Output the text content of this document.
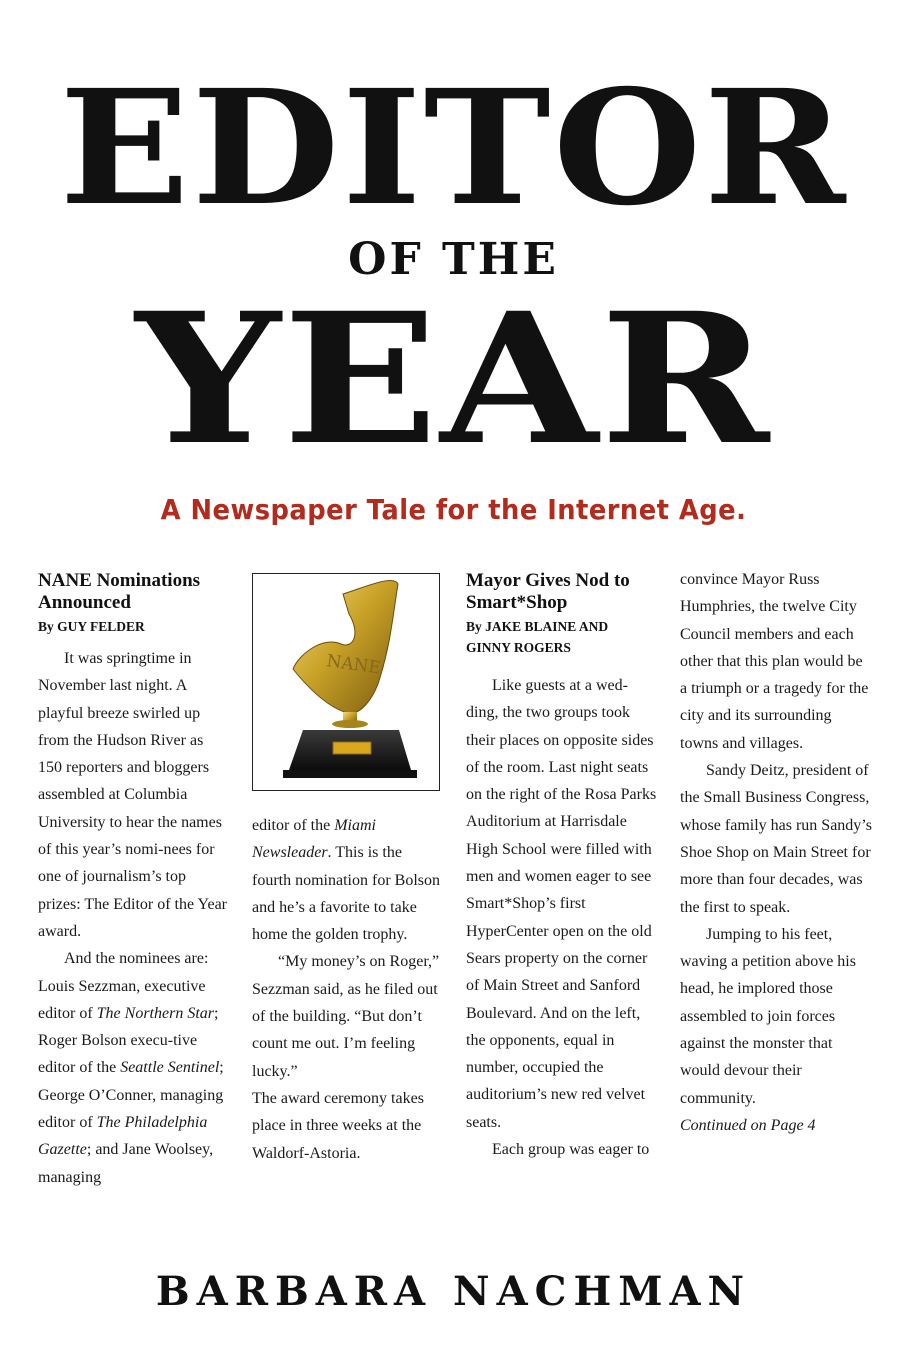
EDITOR
OF THE
YEAR
A Newspaper Tale for the Internet Age.
NANE Nominations Announced
By GUY FELDER

It was springtime in November last night. A playful breeze swirled up from the Hudson River as 150 reporters and bloggers assembled at Columbia University to hear the names of this year’s nomi-nees for one of journalism’s top prizes: The Editor of the Year award.

And the nominees are: Louis Sezzman, executive editor of The Northern Star; Roger Bolson execu-tive editor of the Seattle Sentinel; George O’Conner, managing editor of The Philadelphia Gazette; and Jane Woolsey, managing

NANE

editor of the Miami Newsleader. This is the fourth nomination for Bolson and he’s a favorite to take home the golden trophy.

“My money’s on Roger,” Sezzman said, as he filed out of the building. “But don’t count me out. I’m feeling lucky.”

The award ceremony takes place in three weeks at the Waldorf-Astoria.

Mayor Gives Nod to Smart*Shop
By JAKE BLAINE AND
GINNY ROGERS

Like guests at a wed-ding, the two groups took their places on opposite sides of the room. Last night seats on the right of the Rosa Parks Auditorium at Harrisdale High School were filled with men and women eager to see Smart*Shop’s first HyperCenter open on the old Sears property on the corner of Main Street and Sanford Boulevard. And on the left, the opponents, equal in number, occupied the auditorium’s new red velvet seats.

Each group was eager to

convince Mayor Russ Humphries, the twelve City Council members and each other that this plan would be a triumph or a tragedy for the city and its surrounding towns and villages.

Sandy Deitz, president of the Small Business Congress, whose family has run Sandy’s Shoe Shop on Main Street for more than four decades, was the first to speak.

Jumping to his feet, waving a petition above his head, he implored those assembled to join forces against the monster that would devour their community.

Continued on Page 4

BARBARA NACHMAN
